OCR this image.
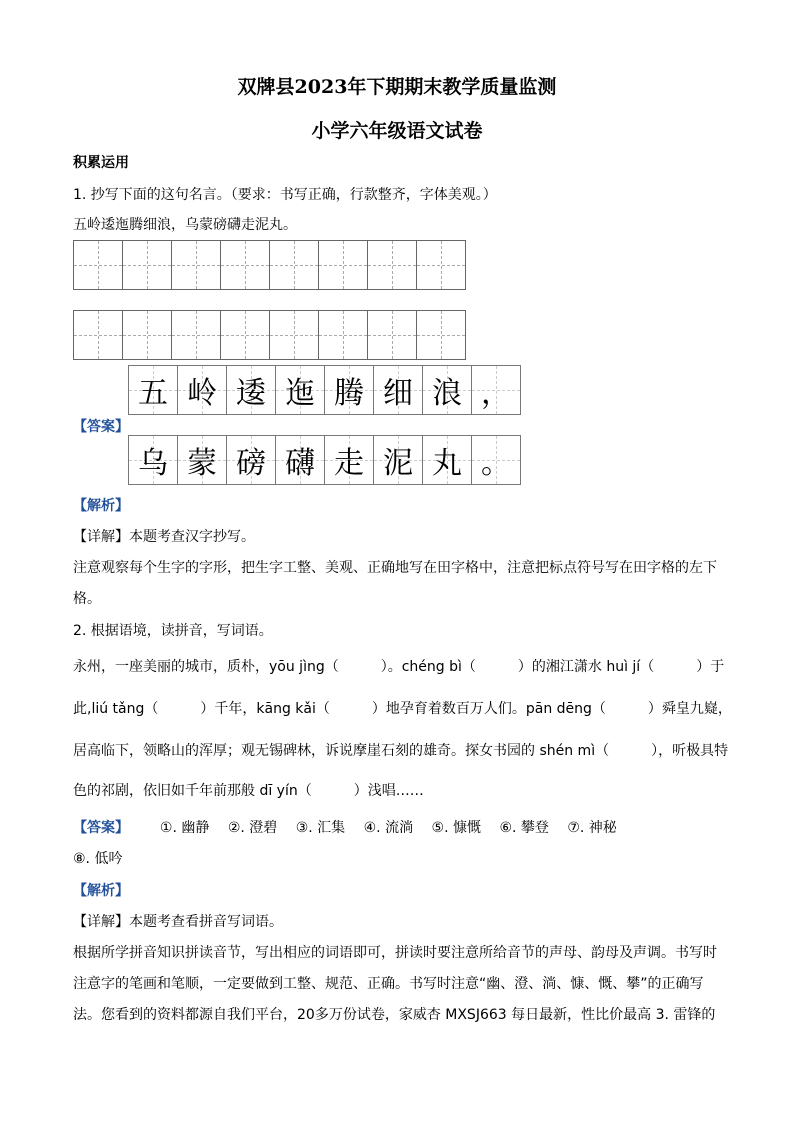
双牌县2023年下期期末教学质量监测
小学六年级语文试卷
积累运用
1. 抄写下面的这句名言。（要求：书写正确，行款整齐，字体美观。）
五岭逶迤腾细浪，乌蒙磅礴走泥丸。
五 岭 逶 迤 腾 细 浪 ，
【答案】
乌 蒙 磅 礴 走 泥 丸 。
【解析】
【详解】本题考查汉字抄写。
注意观察每个生字的字形，把生字工整、美观、正确地写在田字格中，注意把标点符号写在田字格的左下
格。
2. 根据语境，读拼音，写词语。
永州，一座美丽的城市，质朴，yōu jìng（　　　）。chéng bì（　　　）的湘江潇水 huì jí（　　　）于
此,liú tǎng（　　　）千年，kāng kǎi（　　　）地孕育着数百万人们。pān dēng（　　　）舜皇九嶷，
居高临下，领略山的浑厚；观无锡碑林，诉说摩崖石刻的雄奇。探女书园的 shén mì（　　　），听极具特
色的祁剧，依旧如千年前那般 dī yín（　　　）浅唱……
【答案】 ①. 幽静 ②. 澄碧 ③. 汇集 ④. 流淌 ⑤. 慷慨 ⑥. 攀登 ⑦. 神秘
⑧. 低吟
【解析】
【详解】本题考查看拼音写词语。
根据所学拼音知识拼读音节，写出相应的词语即可，拼读时要注意所给音节的声母、韵母及声调。书写时
注意字的笔画和笔顺，一定要做到工整、规范、正确。书写时注意“幽、澄、淌、慷、慨、攀”的正确写
法。您看到的资料都源自我们平台，20多万份试卷，家威杏 MXSJ663 每日最新，性比价最高 3. 雷锋的
